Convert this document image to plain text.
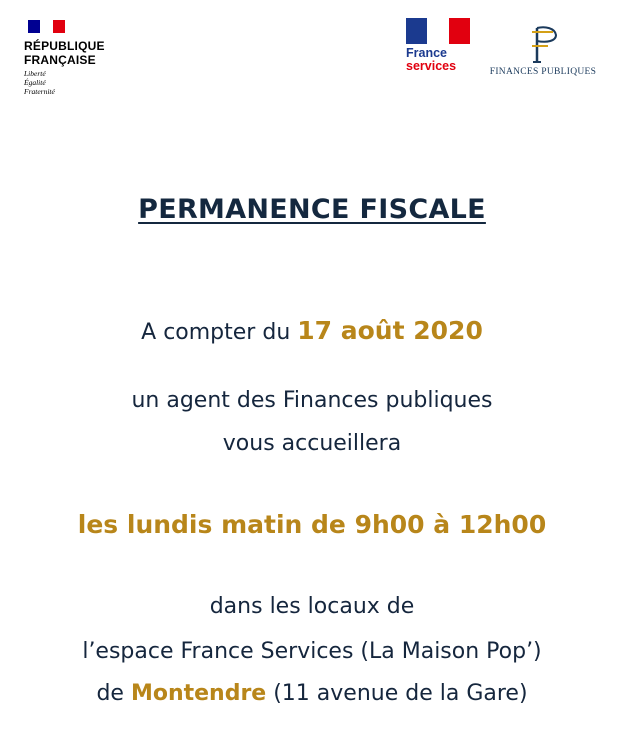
RÉPUBLIQUE
FRANÇAISE
Liberté
Égalité
Fraternité
France
services	FINANCES PUBLIQUES
PERMANENCE FISCALE
A compter du 17 août 2020
un agent des Finances publiques
vous accueillera
les lundis matin de 9h00 à 12h00
dans les locaux de
l’espace France Services (La Maison Pop’)
de Montendre (11 avenue de la Gare)
